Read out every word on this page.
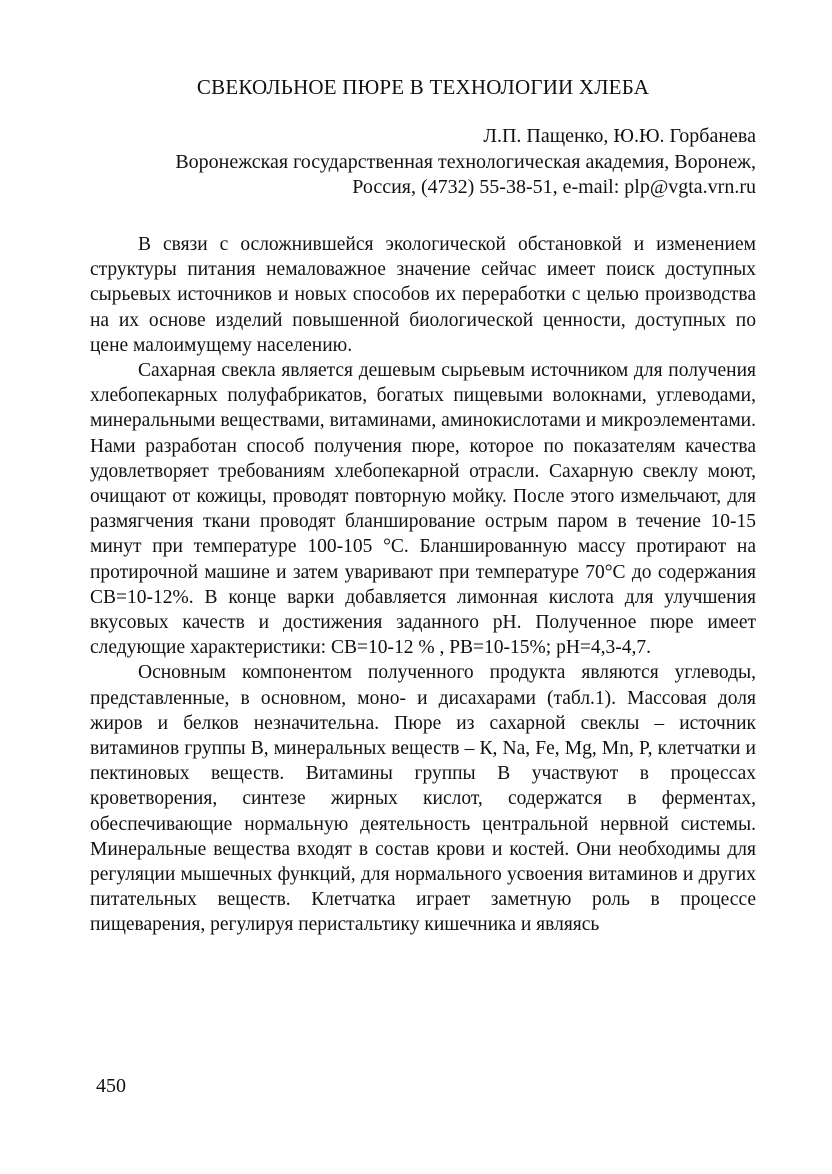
СВЕКОЛЬНОЕ ПЮРЕ В ТЕХНОЛОГИИ ХЛЕБА
Л.П. Пащенко, Ю.Ю. Горбанева
Воронежская государственная технологическая академия, Воронеж,
Россия, (4732) 55-38-51, e-mail: plp@vgta.vrn.ru

В связи с осложнившейся экологической обстановкой и изменением структуры питания немаловажное значение сейчас имеет поиск доступных сырьевых источников и новых способов их переработки с целью производства на их основе изделий повышенной биологической ценности, доступных по цене малоимущему населению.

Сахарная свекла является дешевым сырьевым источником для получения хлебопекарных полуфабрикатов, богатых пищевыми волокнами, углеводами, минеральными веществами, витаминами, аминокислотами и микроэлементами. Нами разработан способ получения пюре, которое по показателям качества удовлетворяет требованиям хлебопекарной отрасли. Сахарную свеклу моют, очищают от кожицы, проводят повторную мойку. После этого измельчают, для размягчения ткани проводят бланширование острым паром в течение 10-15 минут при температуре 100-105 °С. Бланшированную массу протирают на протирочной машине и затем уваривают при температуре 70°С до содержания СВ=10-12%. В конце варки добавляется лимонная кислота для улучшения вкусовых качеств и достижения заданного рН. Полученное пюре имеет следующие характеристики: СВ=10-12 % , РВ=10-15%; рН=4,3-4,7.

Основным компонентом полученного продукта являются углеводы, представленные, в основном, моно- и дисахарами (табл.1). Массовая доля жиров и белков незначительна. Пюре из сахарной свеклы – источник витаминов группы В, минеральных веществ – К, Na, Fe, Mg, Mn, P, клетчатки и пектиновых веществ. Витамины группы В участвуют в процессах кроветворения, синтезе жирных кислот, содержатся в ферментах, обеспечивающие нормальную деятельность центральной нервной системы. Минеральные вещества входят в состав крови и костей. Они необходимы для регуляции мышечных функций, для нормального усвоения витаминов и других питательных веществ. Клетчатка играет заметную роль в процессе пищеварения, регулируя перистальтику кишечника и являясь

450
